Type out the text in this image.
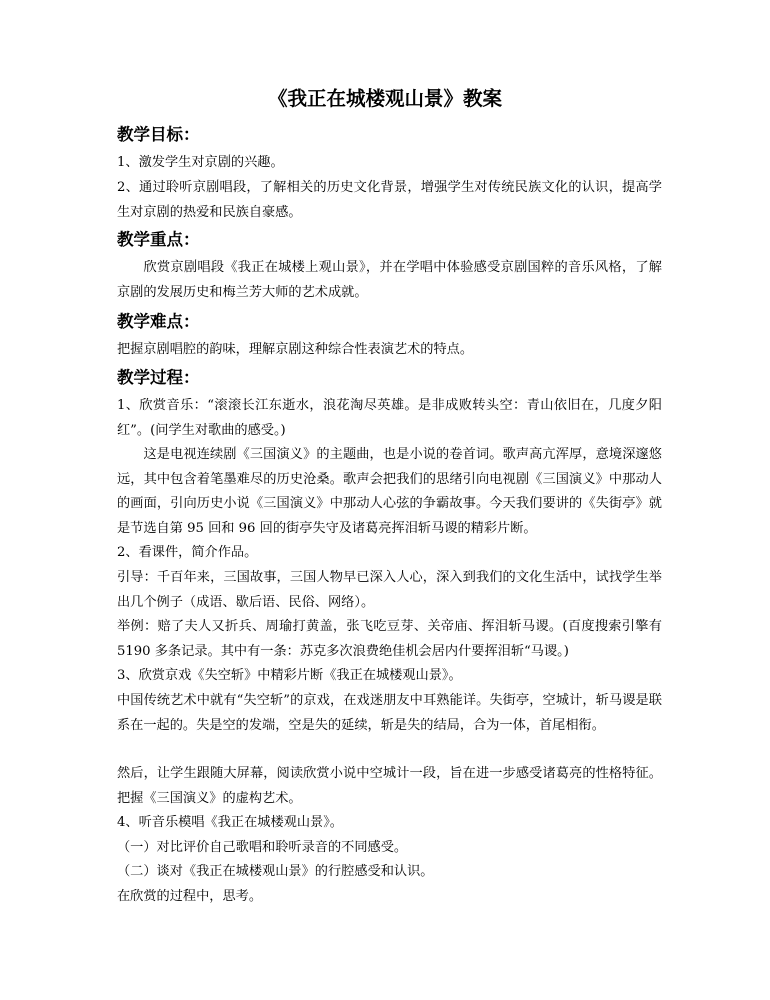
《我正在城楼观山景》教案
教学目标：
1、激发学生对京剧的兴趣。
2、通过聆听京剧唱段，了解相关的历史文化背景，增强学生对传统民族文化的认识，提高学生对京剧的热爱和民族自豪感。
教学重点：
欣赏京剧唱段《我正在城楼上观山景》，并在学唱中体验感受京剧国粹的音乐风格，了解京剧的发展历史和梅兰芳大师的艺术成就。
教学难点：
把握京剧唱腔的韵味，理解京剧这种综合性表演艺术的特点。
教学过程：
1、欣赏音乐：“滚滚长江东逝水，浪花淘尽英雄。是非成败转头空：青山依旧在，几度夕阳红”。(问学生对歌曲的感受。)
这是电视连续剧《三国演义》的主题曲，也是小说的卷首词。歌声高亢浑厚，意境深邃悠远，其中包含着笔墨难尽的历史沧桑。歌声会把我们的思绪引向电视剧《三国演义》中那动人的画面，引向历史小说《三国演义》中那动人心弦的争霸故事。今天我们要讲的《失街亭》就是节选自第 95 回和 96 回的街亭失守及诸葛亮挥泪斩马谡的精彩片断。
2、看课件，简介作品。
引导：千百年来，三国故事，三国人物早已深入人心，深入到我们的文化生活中，试找学生举出几个例子（成语、歇后语、民俗、网络）。
举例：赔了夫人又折兵、周瑜打黄盖，张飞吃豆芽、关帝庙、挥泪斩马谡。(百度搜索引擎有 5190 多条记录。其中有一条：苏克多次浪费绝佳机会居内什要挥泪斩“马谡。)
3、欣赏京戏《失空斩》中精彩片断《我正在城楼观山景》。
中国传统艺术中就有“失空斩”的京戏，在戏迷朋友中耳熟能详。失街亭，空城计，斩马谡是联系在一起的。失是空的发端，空是失的延续，斩是失的结局，合为一体，首尾相衔。
然后，让学生跟随大屏幕，阅读欣赏小说中空城计一段，旨在进一步感受诸葛亮的性格特征。把握《三国演义》的虚构艺术。
4、听音乐模唱《我正在城楼观山景》。
（一）对比评价自己歌唱和聆听录音的不同感受。
（二）谈对《我正在城楼观山景》的行腔感受和认识。
在欣赏的过程中，思考。
